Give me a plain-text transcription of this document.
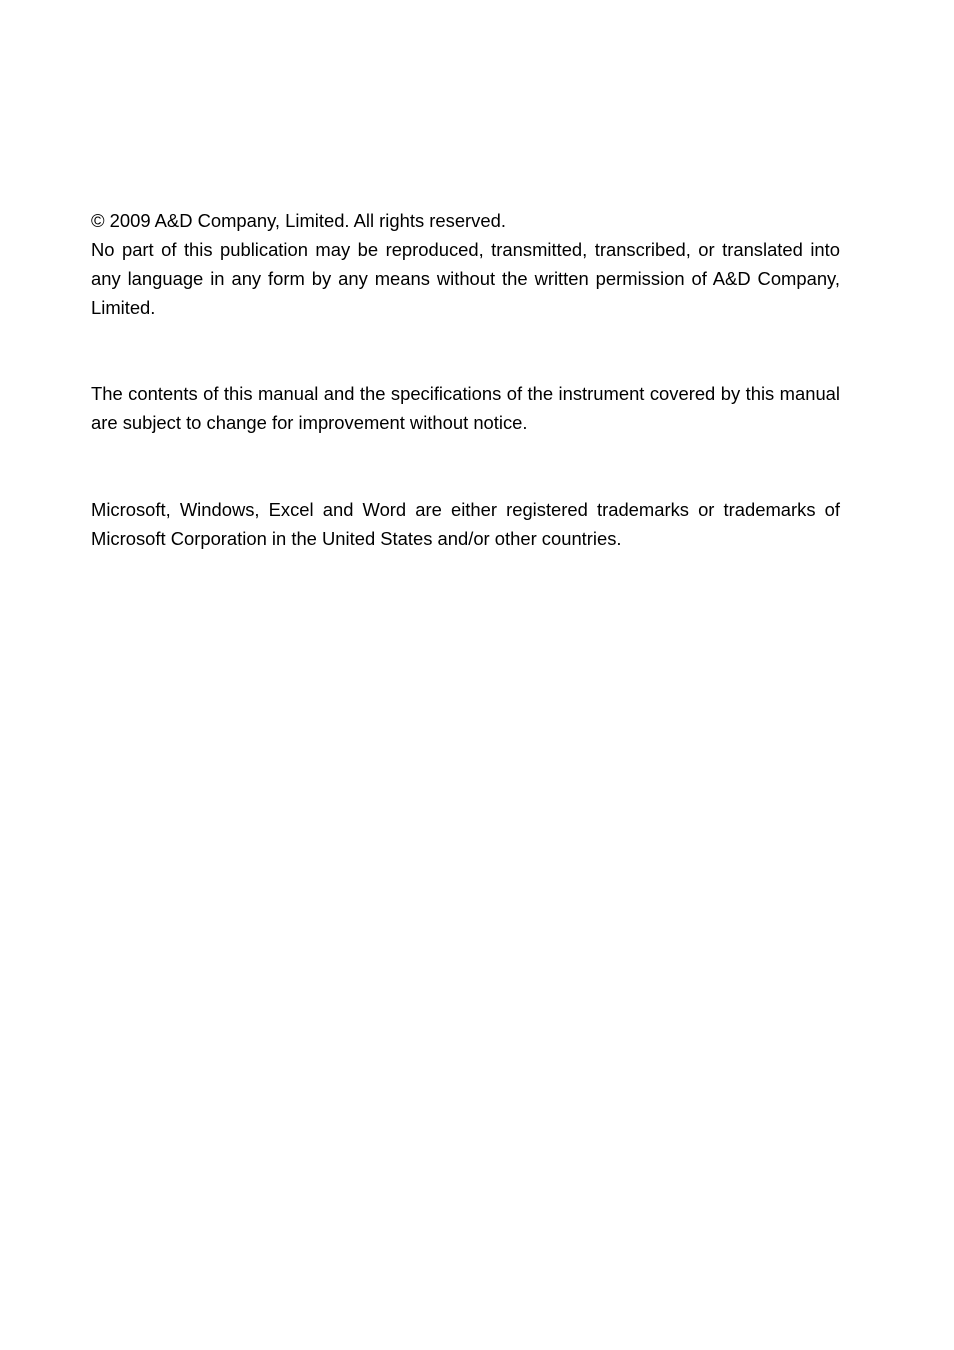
© 2009 A&D Company, Limited. All rights reserved.

No part of this publication may be reproduced, transmitted, transcribed, or translated into any language in any form by any means without the written permission of A&D Company, Limited.

The contents of this manual and the specifications of the instrument covered by this manual are subject to change for improvement without notice.

Microsoft, Windows, Excel and Word are either registered trademarks or trademarks of Microsoft Corporation in the United States and/or other countries.
